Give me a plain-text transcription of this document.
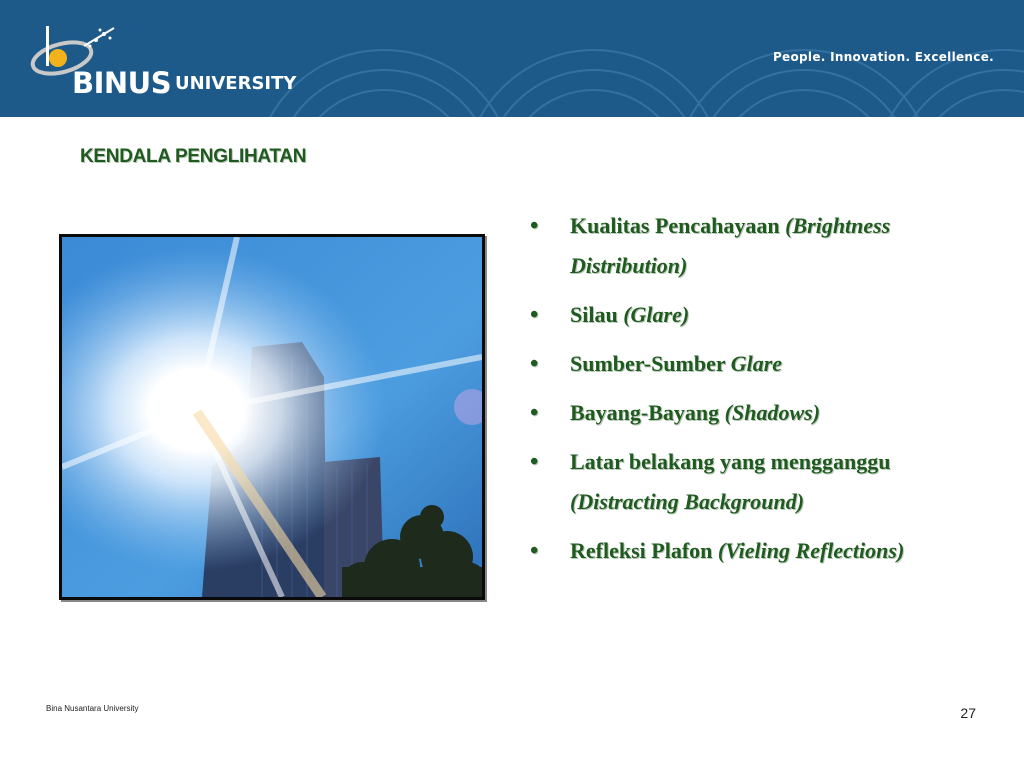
BINUS UNIVERSITY
People. Innovation. Excellence.
KENDALA PENGLIHATAN
• Kualitas Pencahayaan (Brightness Distribution)
• Silau (Glare)
• Sumber-Sumber Glare
• Bayang-Bayang (Shadows)
• Latar belakang yang mengganggu (Distracting Background)
• Refleksi Plafon (Vieling Reflections)
Bina Nusantara University	27
